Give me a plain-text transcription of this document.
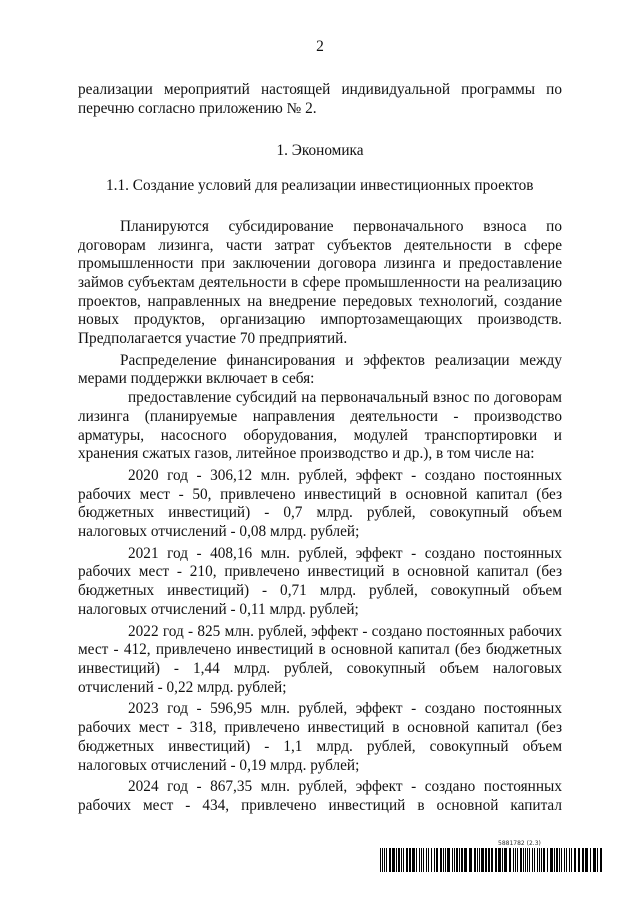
2

реализации мероприятий настоящей индивидуальной программы по перечню согласно приложению № 2.

1. Экономика

1.1. Создание условий для реализации инвестиционных проектов

Планируются субсидирование первоначального взноса по договорам лизинга, части затрат субъектов деятельности в сфере промышленности при заключении договора лизинга и предоставление займов субъектам деятельности в сфере промышленности на реализацию проектов, направленных на внедрение передовых технологий, создание новых продуктов, организацию импортозамещающих производств. Предполагается участие 70 предприятий.

Распределение финансирования и эффектов реализации между мерами поддержки включает в себя:

предоставление субсидий на первоначальный взнос по договорам лизинга (планируемые направления деятельности - производство арматуры, насосного оборудования, модулей транспортировки и хранения сжатых газов, литейное производство и др.), в том числе на:

2020 год - 306,12 млн. рублей, эффект - создано постоянных рабочих мест - 50, привлечено инвестиций в основной капитал (без бюджетных инвестиций) - 0,7 млрд. рублей, совокупный объем налоговых отчислений - 0,08 млрд. рублей;

2021 год - 408,16 млн. рублей, эффект - создано постоянных рабочих мест - 210, привлечено инвестиций в основной капитал (без бюджетных инвестиций) - 0,71 млрд. рублей, совокупный объем налоговых отчислений - 0,11 млрд. рублей;

2022 год - 825 млн. рублей, эффект - создано постоянных рабочих мест - 412, привлечено инвестиций в основной капитал (без бюджетных инвестиций) - 1,44 млрд. рублей, совокупный объем налоговых отчислений - 0,22 млрд. рублей;

2023 год - 596,95 млн. рублей, эффект - создано постоянных рабочих мест - 318, привлечено инвестиций в основной капитал (без бюджетных инвестиций) - 1,1 млрд. рублей, совокупный объем налоговых отчислений - 0,19 млрд. рублей;

2024 год - 867,35 млн. рублей, эффект - создано постоянных рабочих мест - 434, привлечено инвестиций в основной капитал

5881782 (2.3)
